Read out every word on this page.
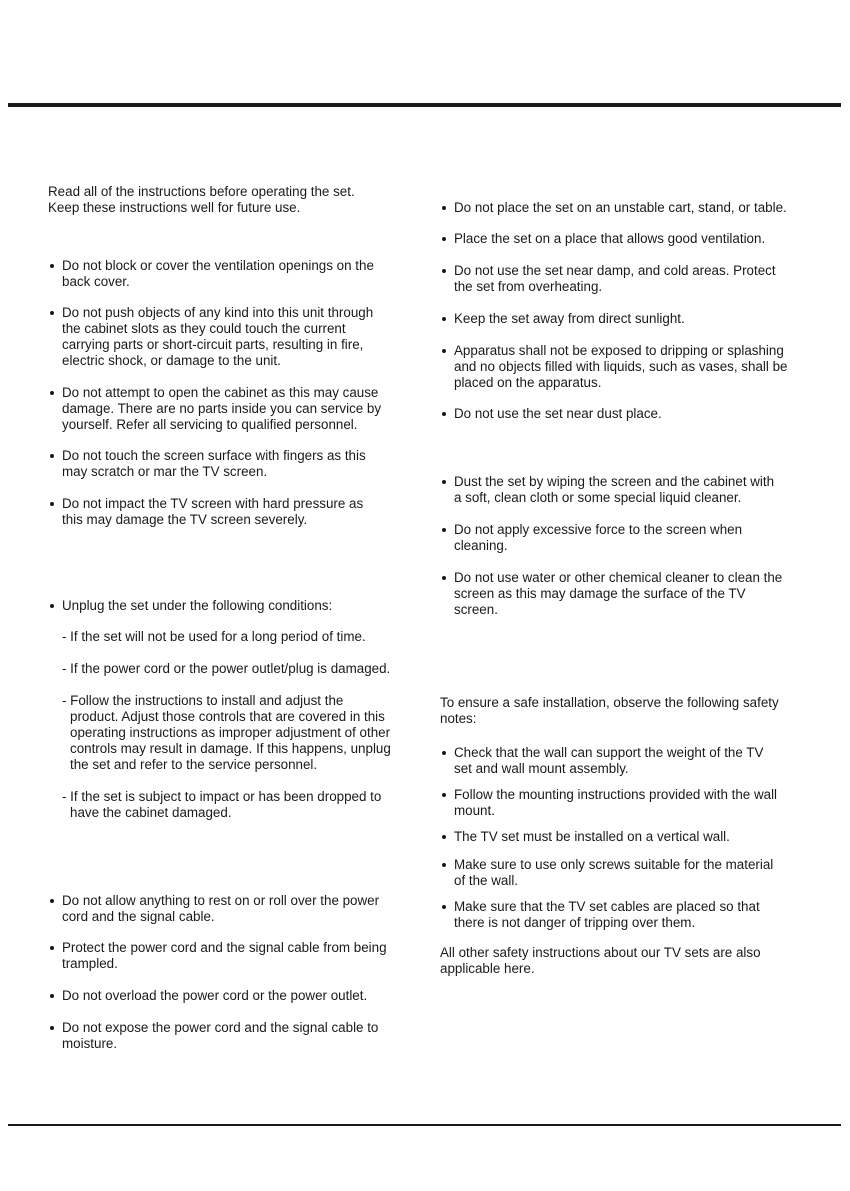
Read all of the instructions before operating the set.
Keep these instructions well for future use.

Do not block or cover the ventilation openings on the
back cover.

Do not push objects of any kind into this unit through
the cabinet slots as they could touch the current
carrying parts or short-circuit parts, resulting in fire,
electric shock, or damage to the unit.

Do not attempt to open the cabinet as this may cause
damage. There are no parts inside you can service by
yourself. Refer all servicing to qualified personnel.

Do not touch the screen surface with fingers as this
may scratch or mar the TV screen.

Do not impact the TV screen with hard pressure as
this may damage the TV screen severely.

Unplug the set under the following conditions:

- If the set will not be used for a long period of time.

- If the power cord or the power outlet/plug is damaged.

- Follow the instructions to install and adjust the
product. Adjust those controls that are covered in this
operating instructions as improper adjustment of other
controls may result in damage. If this happens, unplug
the set and refer to the service personnel.

- If the set is subject to impact or has been dropped to
have the cabinet damaged.

Do not allow anything to rest on or roll over the power
cord and the signal cable.

Protect the power cord and the signal cable from being
trampled.

Do not overload the power cord or the power outlet.

Do not expose the power cord and the signal cable to
moisture.

Do not place the set on an unstable cart, stand, or table.

Place the set on a place that allows good ventilation.

Do not use the set near damp, and cold areas. Protect
the set from overheating.

Keep the set away from direct sunlight.

Apparatus shall not be exposed to dripping or splashing
and no objects filled with liquids, such as vases, shall be
placed on the apparatus.

Do not use the set near dust place.

Dust the set by wiping the screen and the cabinet with
a soft, clean cloth or some special liquid cleaner.

Do not apply excessive force to the screen when
cleaning.

Do not use water or other chemical cleaner to clean the
screen as this may damage the surface of the TV
screen.

To ensure a safe installation, observe the following safety
notes:

Check that the wall can support the weight of the TV
set and wall mount assembly.

Follow the mounting instructions provided with the wall
mount.

The TV set must be installed on a vertical wall.

Make sure to use only screws suitable for the material
of the wall.

Make sure that the TV set cables are placed so that
there is not danger of tripping over them.

All other safety instructions about our TV sets are also
applicable here.
